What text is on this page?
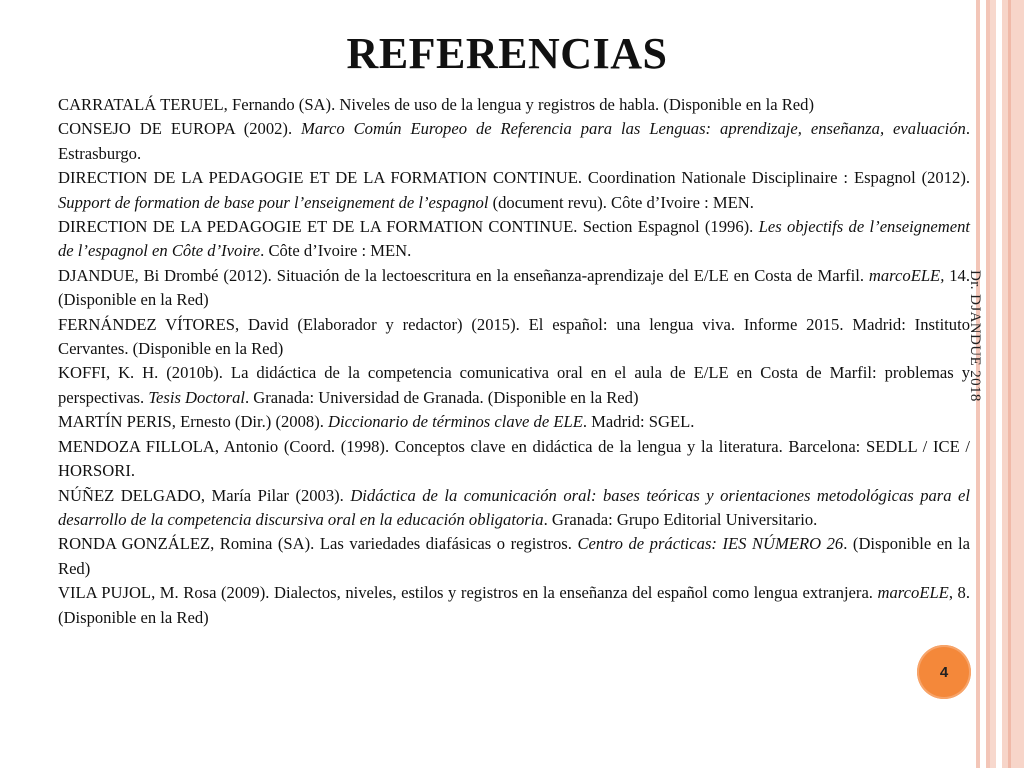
REFERENCIAS

CARRATALÁ TERUEL, Fernando (SA). Niveles de uso de la lengua y registros de habla. (Disponible en la Red)

CONSEJO DE EUROPA (2002). Marco Común Europeo de Referencia para las Lenguas: aprendizaje, enseñanza, evaluación. Estrasburgo.

DIRECTION DE LA PEDAGOGIE ET DE LA FORMATION CONTINUE. Coordination Nationale Disciplinaire : Espagnol (2012). Support de formation de base pour l’enseignement de l’espagnol (document revu). Côte d’Ivoire : MEN.

DIRECTION DE LA PEDAGOGIE ET DE LA FORMATION CONTINUE. Section Espagnol (1996). Les objectifs de l’enseignement de l’espagnol en Côte d’Ivoire. Côte d’Ivoire : MEN.

DJANDUE, Bi Drombé (2012). Situación de la lectoescritura en la enseñanza-aprendizaje del E/LE en Costa de Marfil. marcoELE, 14. (Disponible en la Red)

FERNÁNDEZ VÍTORES, David (Elaborador y redactor) (2015). El español: una lengua viva. Informe 2015. Madrid: Instituto Cervantes. (Disponible en la Red)

KOFFI, K. H. (2010b). La didáctica de la competencia comunicativa oral en el aula de E/LE en Costa de Marfil: problemas y perspectivas. Tesis Doctoral. Granada: Universidad de Granada. (Disponible en la Red)

MARTÍN PERIS, Ernesto (Dir.) (2008). Diccionario de términos clave de ELE. Madrid: SGEL.

MENDOZA FILLOLA, Antonio (Coord. (1998). Conceptos clave en didáctica de la lengua y la literatura. Barcelona: SEDLL / ICE / HORSORI.

NÚÑEZ DELGADO, María Pilar (2003). Didáctica de la comunicación oral: bases teóricas y orientaciones metodológicas para el desarrollo de la competencia discursiva oral en la educación obligatoria. Granada: Grupo Editorial Universitario.

RONDA GONZÁLEZ, Romina (SA). Las variedades diafásicas o registros. Centro de prácticas: IES NÚMERO 26. (Disponible en la Red)

VILA PUJOL, M. Rosa (2009). Dialectos, niveles, estilos y registros en la enseñanza del español como lengua extranjera. marcoELE, 8. (Disponible en la Red)

Dr. DJANDUE 2018
4
